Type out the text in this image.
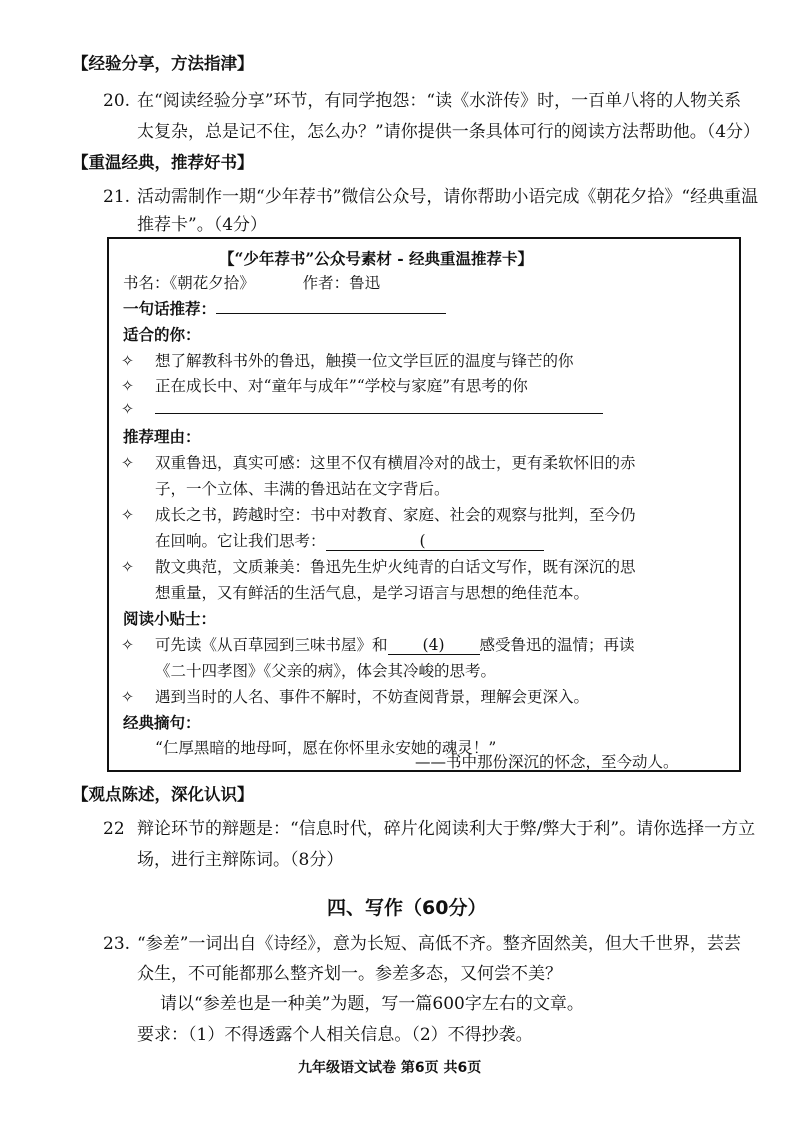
【经验分享，方法指津】
20. 在“阅读经验分享”环节，有同学抱怨：“读《水浒传》时，一百单八将的人物关系
太复杂，总是记不住，怎么办？”请你提供一条具体可行的阅读方法帮助他。（4分）
【重温经典，推荐好书】
21. 活动需制作一期“少年荐书”微信公众号，请你帮助小语完成《朝花夕拾》“经典重温
推荐卡”。（4分）
【“少年荐书”公众号素材 - 经典重温推荐卡】
书名：《朝花夕拾》	作者：鲁迅
一句话推荐：
适合的你：
✧ 想了解教科书外的鲁迅，触摸一位文学巨匠的温度与锋芒的你
✧ 正在成长中、对“童年与成年”“学校与家庭”有思考的你
✧
推荐理由：
✧ 双重鲁迅，真实可感：这里不仅有横眉冷对的战士，更有柔软怀旧的赤
子，一个立体、丰满的鲁迅站在文字背后。
✧ 成长之书，跨越时空：书中对教育、家庭、社会的观察与批判，至今仍
在回响。它让我们思考：	(
✧ 散文典范，文质兼美：鲁迅先生炉火纯青的白话文写作，既有深沉的思
想重量，又有鲜活的生活气息，是学习语言与思想的绝佳范本。
阅读小贴士：
✧ 可先读《从百草园到三味书屋》和 (4) 感受鲁迅的温情；再读
《二十四孝图》《父亲的病》，体会其冷峻的思考。
✧ 遇到当时的人名、事件不解时，不妨查阅背景，理解会更深入。
经典摘句：
“仁厚黑暗的地母呵，愿在你怀里永安她的魂灵！”
——书中那份深沉的怀念，至今动人。
【观点陈述，深化认识】
22 辩论环节的辩题是：“信息时代，碎片化阅读利大于弊/弊大于利”。请你选择一方立
场，进行主辩陈词。（8分）
四、写作（60分）
23. “参差”一词出自《诗经》，意为长短、高低不齐。整齐固然美，但大千世界，芸芸
众生，不可能都那么整齐划一。参差多态，又何尝不美？
请以“参差也是一种美”为题，写一篇600字左右的文章。
要求：（1）不得透露个人相关信息。（2）不得抄袭。
九年级语文试卷 第6页 共6页
